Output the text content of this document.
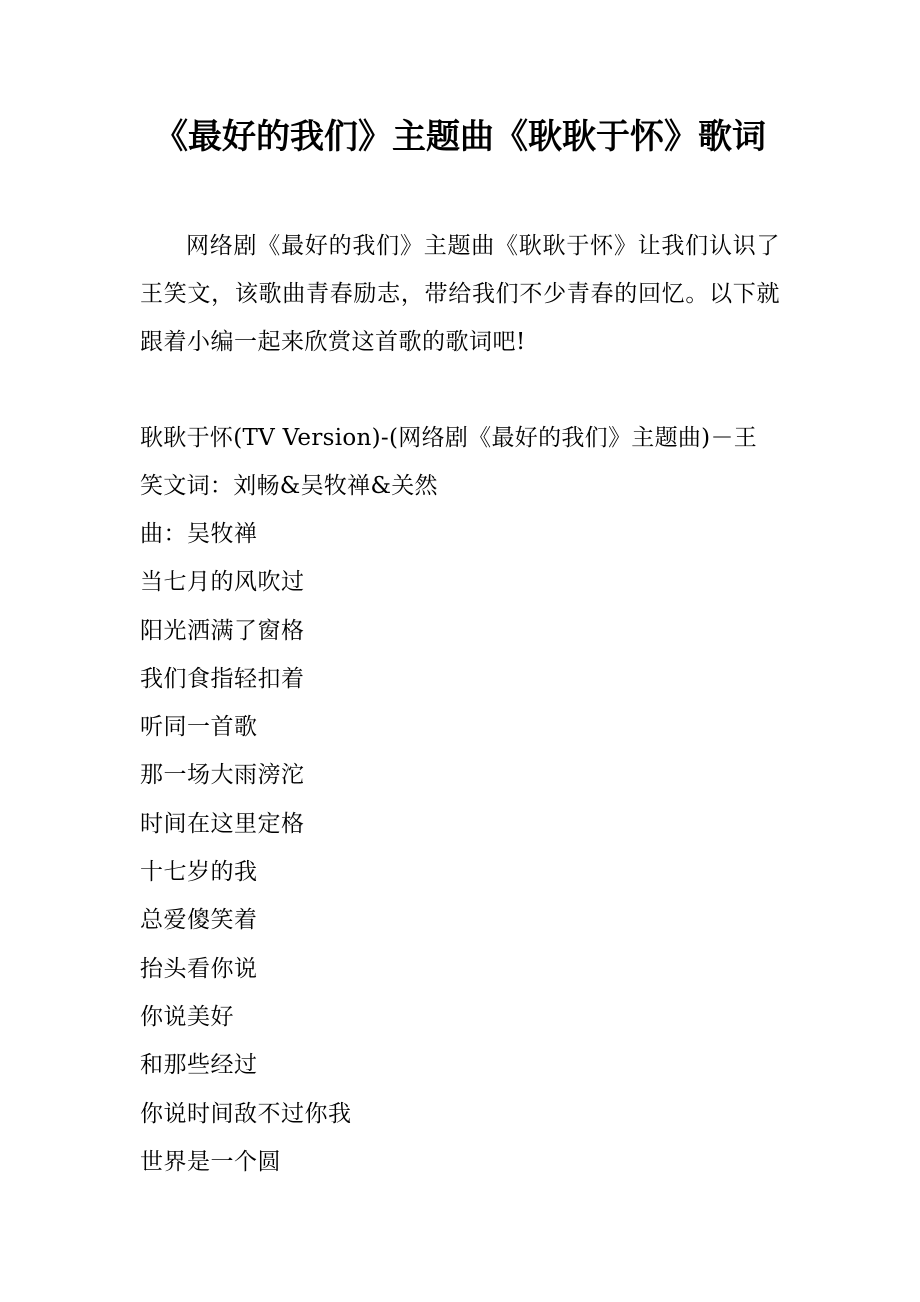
《最好的我们》主题曲《耿耿于怀》歌词

网络剧《最好的我们》主题曲《耿耿于怀》让我们认识了王笑文，该歌曲青春励志，带给我们不少青春的回忆。以下就跟着小编一起来欣赏这首歌的歌词吧!

耿耿于怀(TV Version)-(网络剧《最好的我们》主题曲)－王笑文词：刘畅&吴牧禅&关然

曲：吴牧禅
当七月的风吹过
阳光洒满了窗格
我们食指轻扣着
听同一首歌
那一场大雨滂沱
时间在这里定格
十七岁的我
总爱傻笑着
抬头看你说
你说美好
和那些经过
你说时间敌不过你我
世界是一个圆
